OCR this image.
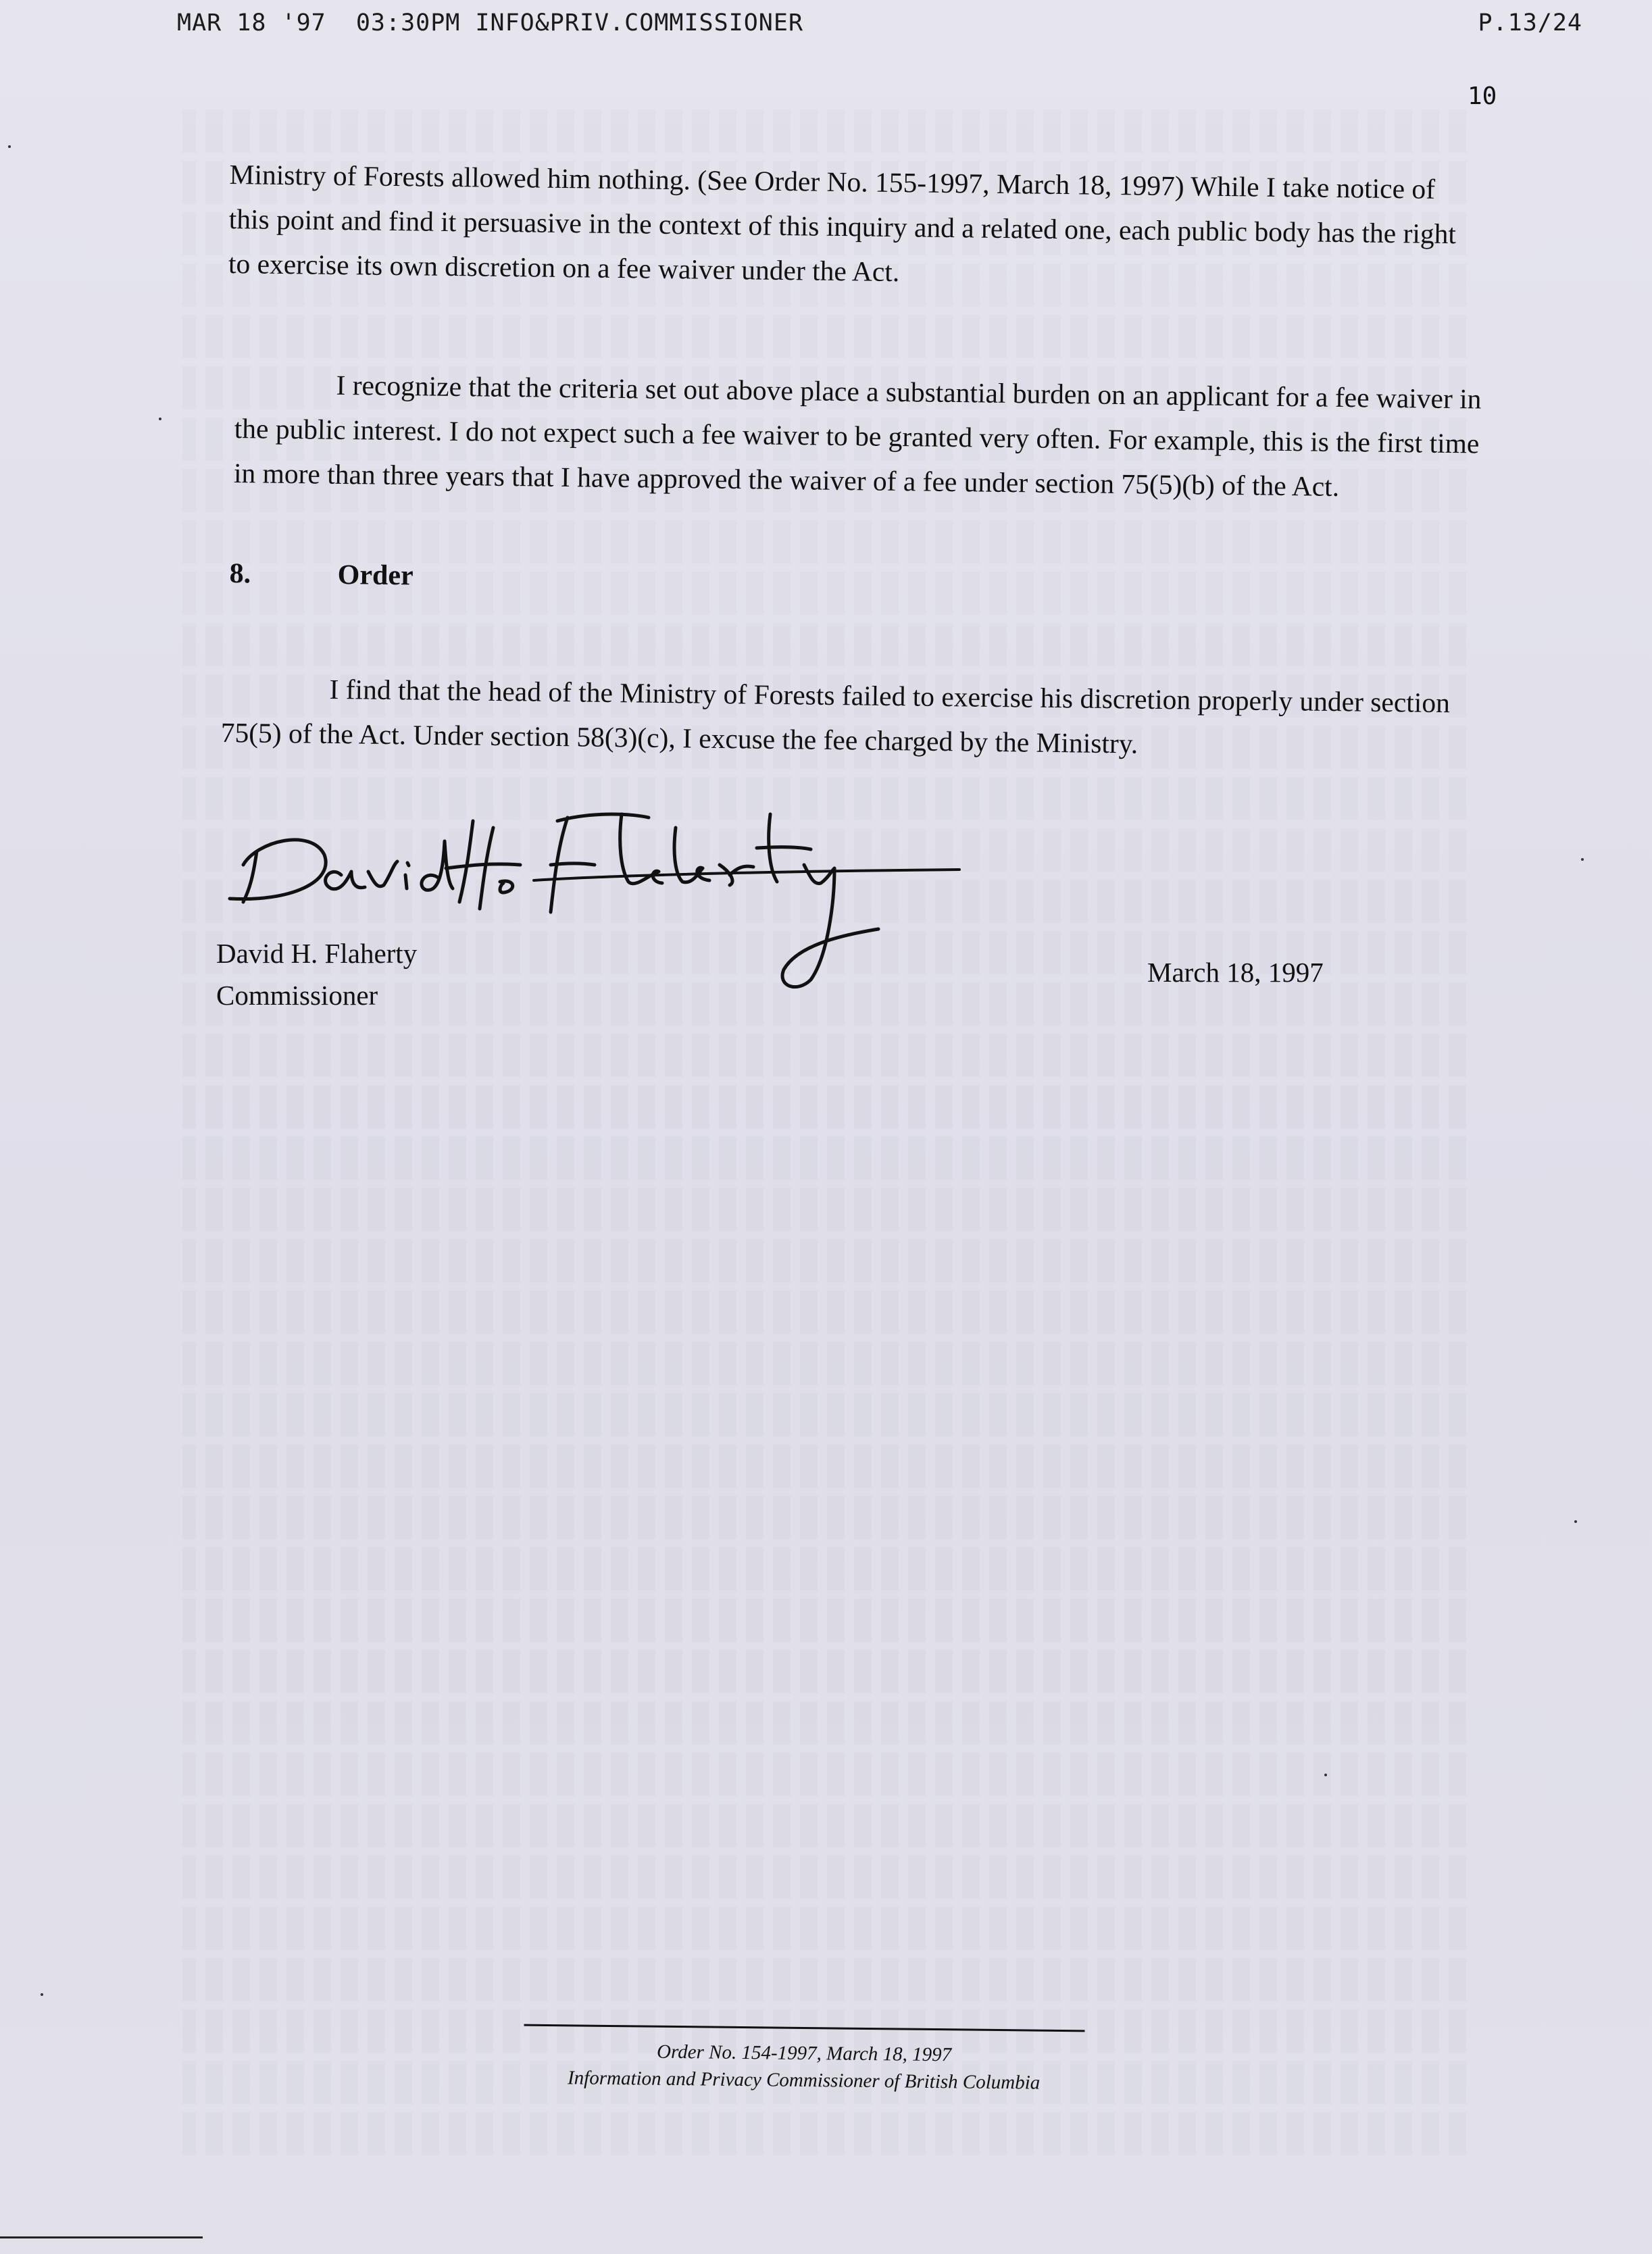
MAR 18 '97  03:30PM INFO&PRIV.COMMISSIONER	P.13/24
10
Ministry of Forests allowed him nothing. (See Order No. 155-1997, March 18, 1997) While I take notice of this point and find it persuasive in the context of this inquiry and a related one, each public body has the right to exercise its own discretion on a fee waiver under the Act.
I recognize that the criteria set out above place a substantial burden on an applicant for a fee waiver in the public interest. I do not expect such a fee waiver to be granted very often. For example, this is the first time in more than three years that I have approved the waiver of a fee under section 75(5)(b) of the Act.
8.	Order
I find that the head of the Ministry of Forests failed to exercise his discretion properly under section 75(5) of the Act. Under section 58(3)(c), I excuse the fee charged by the Ministry.
David H. Flaherty
Commissioner
March 18, 1997
Order No. 154-1997, March 18, 1997
Information and Privacy Commissioner of British Columbia
